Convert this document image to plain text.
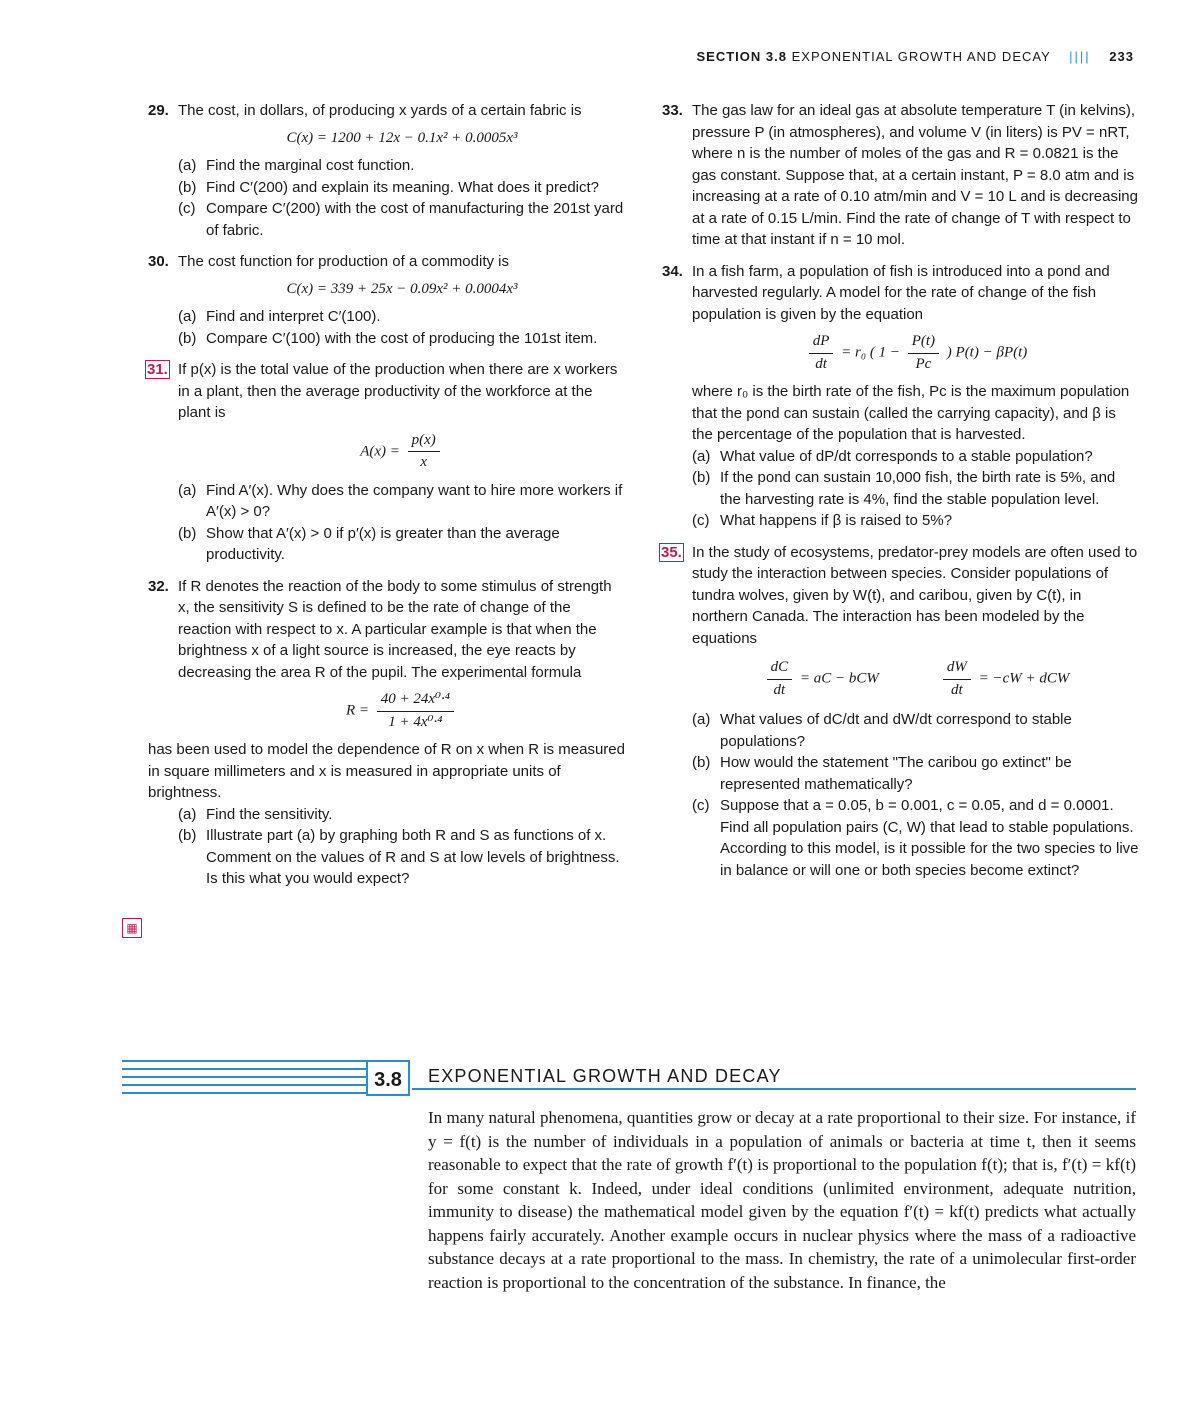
SECTION 3.8 EXPONENTIAL GROWTH AND DECAY |||| 233
29. The cost, in dollars, of producing x yards of a certain fabric is
C(x) = 1200 + 12x − 0.1x² + 0.0005x³
(a) Find the marginal cost function.
(b) Find C′(200) and explain its meaning. What does it predict?
(c) Compare C′(200) with the cost of manufacturing the 201st yard of fabric.
30. The cost function for production of a commodity is
C(x) = 339 + 25x − 0.09x² + 0.0004x³
(a) Find and interpret C′(100).
(b) Compare C′(100) with the cost of producing the 101st item.
31. If p(x) is the total value of the production when there are x workers in a plant, then the average productivity of the workforce at the plant is
$A(x) = \frac{p(x)}{x}$
(a) Find A′(x). Why does the company want to hire more workers if A′(x) > 0?
(b) Show that A′(x) > 0 if p′(x) is greater than the average productivity.
32. If R denotes the reaction of the body to some stimulus of strength x, the sensitivity S is defined to be the rate of change of the reaction with respect to x. A particular example is that when the brightness x of a light source is increased, the eye reacts by decreasing the area R of the pupil. The experimental formula
$R = \frac{\text{40 + 24x⁰·⁴}}{\text{1 + 4x⁰·⁴}}$
has been used to model the dependence of R on x when R is measured in square millimeters and x is measured in appropriate units of brightness.
(a) Find the sensitivity.
(b) Illustrate part (a) by graphing both R and S as functions of x. Comment on the values of R and S at low levels of brightness. Is this what you would expect?
▦
33. The gas law for an ideal gas at absolute temperature T (in kelvins), pressure P (in atmospheres), and volume V (in liters) is PV = nRT, where n is the number of moles of the gas and R = 0.0821 is the gas constant. Suppose that, at a certain instant, P = 8.0 atm and is increasing at a rate of 0.10 atm/min and V = 10 L and is decreasing at a rate of 0.15 L/min. Find the rate of change of T with respect to time at that instant if n = 10 mol.
34. In a fish farm, a population of fish is introduced into a pond and harvested regularly. A model for the rate of change of the fish population is given by the equation
$\frac{dP}{dt} = r_0$ ( $1 - \frac{P(t)}{Pc}$ ) P(t) − βP(t)
where r₀ is the birth rate of the fish, Pc is the maximum population that the pond can sustain (called the carrying capacity), and β is the percentage of the population that is harvested.
(a) What value of dP/dt corresponds to a stable population?
(b) If the pond can sustain 10,000 fish, the birth rate is 5%, and the harvesting rate is 4%, find the stable population level.
(c) What happens if β is raised to 5%?
35. In the study of ecosystems, predator-prey models are often used to study the interaction between species. Consider populations of tundra wolves, given by W(t), and caribou, given by C(t), in northern Canada. The interaction has been modeled by the equations
$\frac{dC}{dt}$ = aC − bCW	$\frac{dW}{dt} = -cW$ + dCW
(a) What values of dC/dt and dW/dt correspond to stable populations?
(b) How would the statement "The caribou go extinct" be represented mathematically?
(c) Suppose that a = 0.05, b = 0.001, c = 0.05, and d = 0.0001. Find all population pairs (C, W) that lead to stable populations. According to this model, is it possible for the two species to live in balance or will one or both species become extinct?
3.8	EXPONENTIAL GROWTH AND DECAY
In many natural phenomena, quantities grow or decay at a rate proportional to their size. For instance, if y = f(t) is the number of individuals in a population of animals or bacteria at time t, then it seems reasonable to expect that the rate of growth f′(t) is proportional to the population f(t); that is, f′(t) = kf(t) for some constant k. Indeed, under ideal conditions (unlimited environment, adequate nutrition, immunity to disease) the mathematical model given by the equation f′(t) = kf(t) predicts what actually happens fairly accurately. Another example occurs in nuclear physics where the mass of a radioactive substance decays at a rate proportional to the mass. In chemistry, the rate of a unimolecular first-order reaction is proportional to the concentration of the substance. In finance, the
